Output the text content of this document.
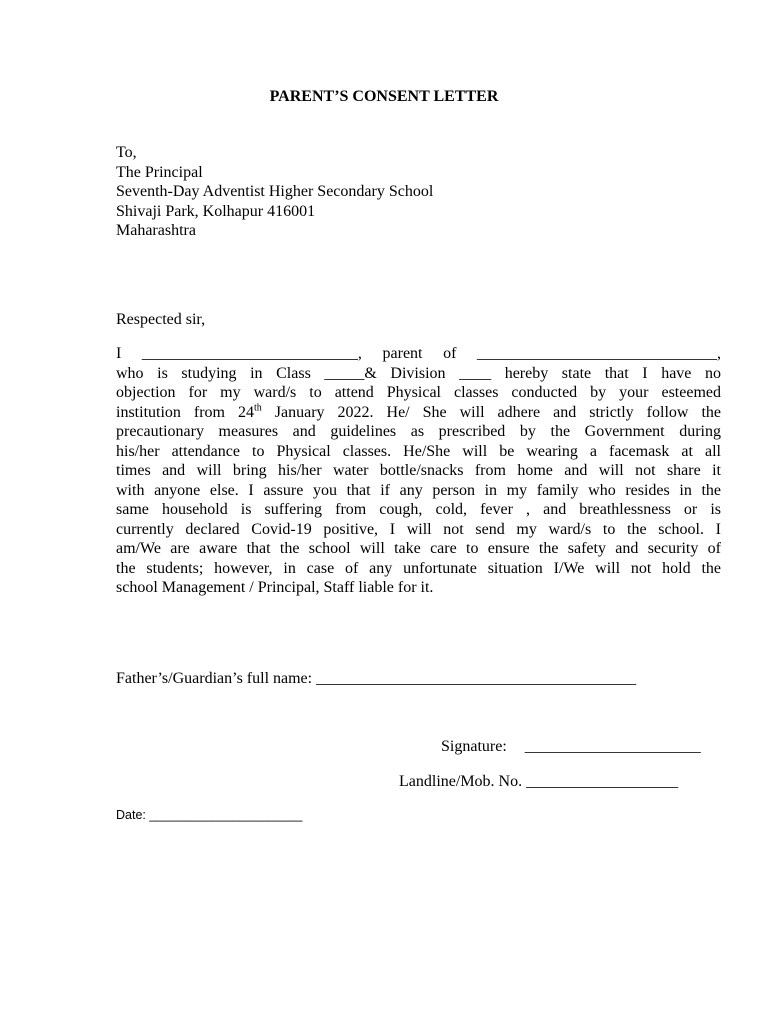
PARENT’S CONSENT LETTER
To,
The Principal
Seventh-Day Adventist Higher Secondary School
Shivaji Park, Kolhapur 416001
Maharashtra
Respected sir,
I ___________________________, parent of ______________________________,
who is studying in Class _____& Division ____ hereby state that I have no
objection for my ward/s to attend Physical classes conducted by your esteemed
institution from 24th January 2022. He/ She will adhere and strictly follow the
precautionary measures and guidelines as prescribed by the Government during
his/her attendance to Physical classes. He/She will be wearing a facemask at all
times and will bring his/her water bottle/snacks from home and will not share it
with anyone else. I assure you that if any person in my family who resides in the
same household is suffering from cough, cold, fever , and breathlessness or is
currently declared Covid-19 positive, I will not send my ward/s to the school. I
am/We are aware that the school will take care to ensure the safety and security of
the students; however, in case of any unfortunate situation I/We will not hold the
school Management / Principal, Staff liable for it.
Father’s/Guardian’s full name: ________________________________________
Signature: ______________________
Landline/Mob. No. ___________________
Date: ______________________
